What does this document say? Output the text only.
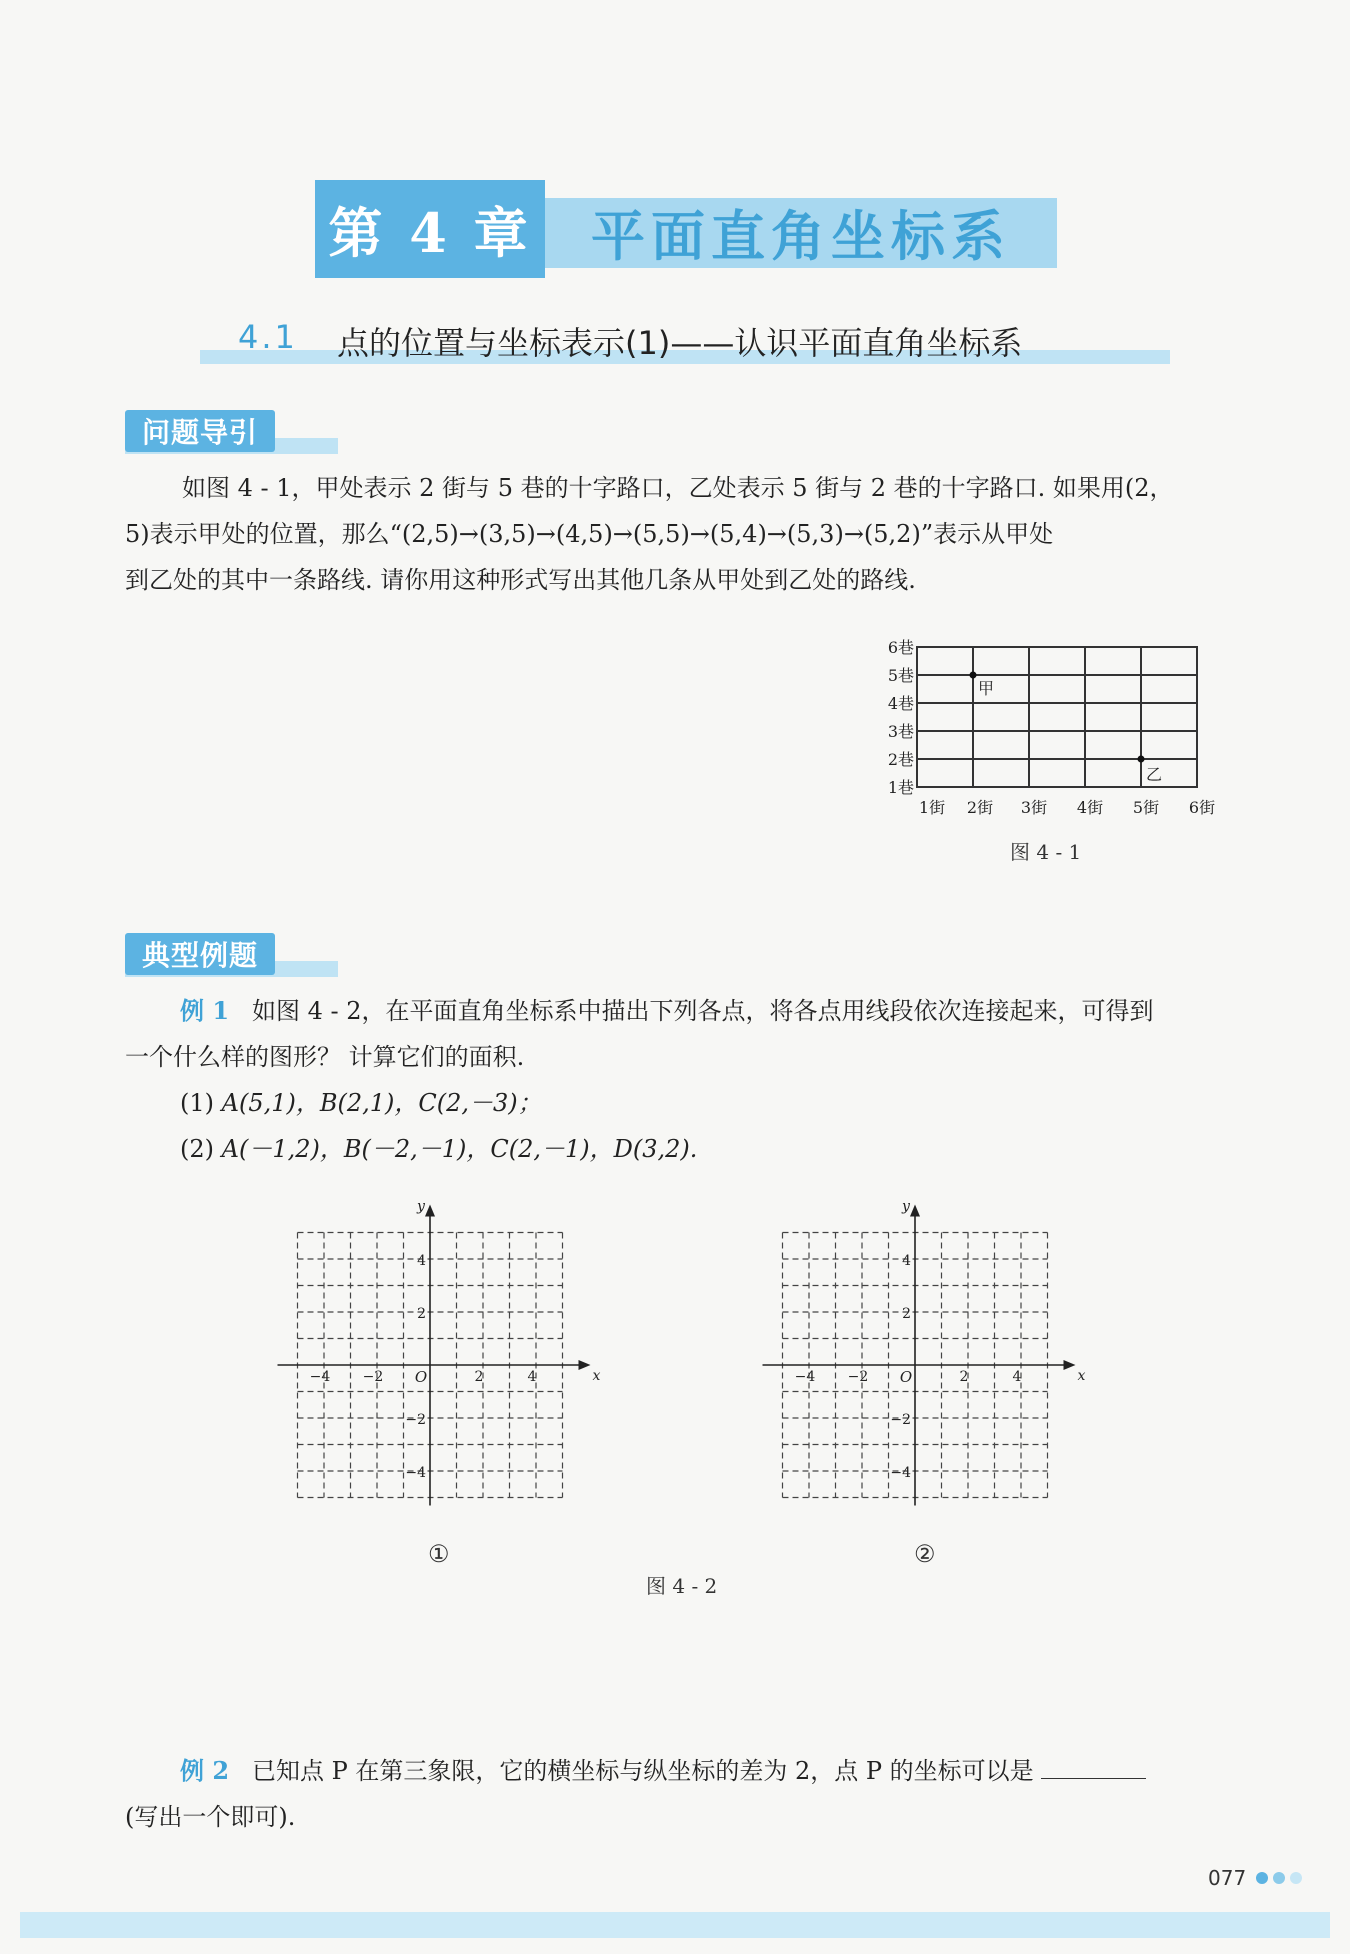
第 4 章	平面直角坐标系
4.1 点的位置与坐标表示(1)——认识平面直角坐标系
问题导引

如图 4 - 1，甲处表示 2 街与 5 巷的十字路口，乙处表示 5 街与 2 巷的十字路口. 如果用(2，

5)表示甲处的位置，那么“(2,5)→(3,5)→(4,5)→(5,5)→(5,4)→(5,3)→(5,2)”表示从甲处

到乙处的其中一条路线. 请你用这种形式写出其他几条从甲处到乙处的路线.

1巷
2巷
3巷
4巷
5巷
6巷
1街 2街 3街 4街 5街 6街
甲
乙
图 4 - 1
典型例题

例 1 如图 4 - 2，在平面直角坐标系中描出下列各点，将各点用线段依次连接起来，可得到

一个什么样的图形？ 计算它们的面积.

(1) A(5,1)，B(2,1)，C(2,－3)；

(2) A(－1,2)，B(－2,－1)，C(2,－1)，D(3,2).

−4 −2	2	4
4
2
−2
−4
O	x
y
−4 −2	2	4
4
2
−2
−4
O	x
y
①	②
图 4 - 2

例 2 已知点 P 在第三象限，它的横坐标与纵坐标的差为 2，点 P 的坐标可以是

(写出一个即可).

077
